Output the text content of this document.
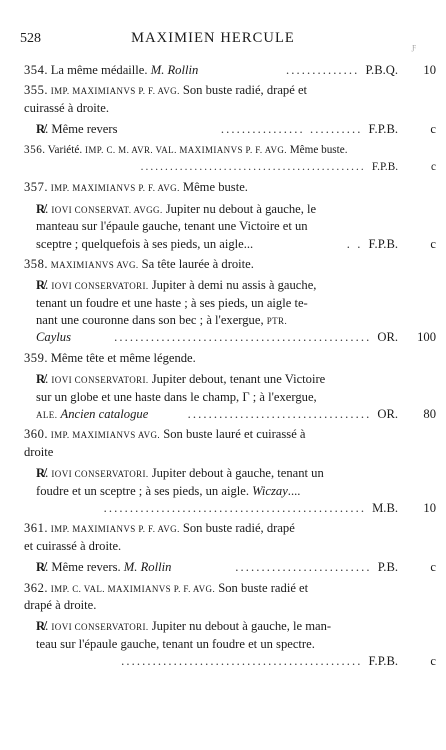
528	MAXIMIEN HERCULE
Ƒ
354. La même médaille. M. Rollin	.............. P.B.Q.	10
355. IMP. MAXIMIANVS P. F. AVG. Son buste radié, drapé et
cuirassé à droite.
R̸. Même revers	.......... ................ F.P.B.	c
356. Variété. IMP. C. M. AVR. VAL. MAXIMIANVS P. F. AVG. Même buste.
.............................................. F.P.B.	c
357. IMP. MAXIMIANVS P. F. AVG. Même buste.
R̸. IOVI CONSERVAT. AVGG. Jupiter nu debout à gauche, le
manteau sur l'épaule gauche, tenant une Victoire et un
sceptre ; quelquefois à ses pieds, un aigle...	. . F.P.B.	c
358. MAXIMIANVS AVG. Sa tête laurée à droite.
R̸. IOVI CONSERVATORI. Jupiter à demi nu assis à gauche,
tenant un foudre et une haste ; à ses pieds, un aigle te-
nant une couronne dans son bec ; à l'exergue, PTR.
Caylus	................................................. OR.	100
359. Même tête et même légende.
R̸. IOVI CONSERVATORI. Jupiter debout, tenant une Victoire
sur un globe et une haste dans le champ, Γ ; à l'exergue,
ALE. Ancien catalogue	................................... OR.	80
360. IMP. MAXIMIANVS AVG. Son buste lauré et cuirassé à
droite
R̸. IOVI CONSERVATORI. Jupiter debout à gauche, tenant un
foudre et un sceptre ; à ses pieds, un aigle. Wiczay....
.................................................. M.B.	10
361. IMP. MAXIMIANVS P. F. AVG. Son buste radié, drapé
et cuirassé à droite.
R̸. Même revers. M. Rollin	.......................... P.B.	c
362. IMP. C. VAL. MAXIMIANVS P. F. AVG. Son buste radié et
drapé à droite.
R̸. IOVI CONSERVATORI. Jupiter nu debout à gauche, le man-
teau sur l'épaule gauche, tenant un foudre et un spectre.
.............................................. F.P.B.	c
